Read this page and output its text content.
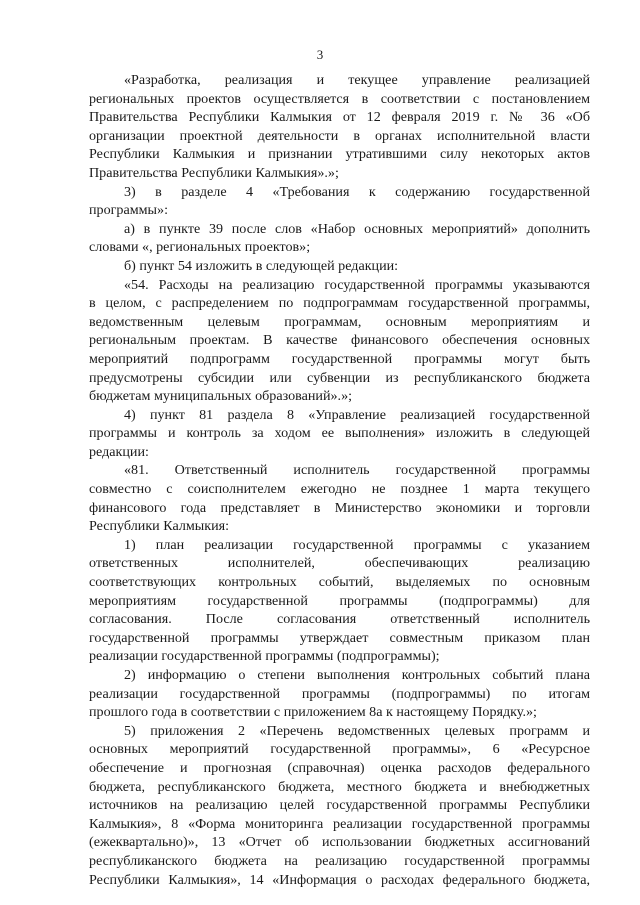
3
«Разработка, реализация и текущее управление реализацией
региональных проектов осуществляется в соответствии с постановлением
Правительства Республики Калмыкия от 12 февраля 2019 г. № 36 «Об
организации проектной деятельности в органах исполнительной власти
Республики Калмыкия и признании утратившими силу некоторых актов
Правительства Республики Калмыкия».»;
3) в разделе 4 «Требования к содержанию государственной
программы»:
а) в пункте 39 после слов «Набор основных мероприятий» дополнить
словами «, региональных проектов»;
б) пункт 54 изложить в следующей редакции:
«54. Расходы на реализацию государственной программы указываются
в целом, с распределением по подпрограммам государственной программы,
ведомственным целевым программам, основным мероприятиям и
региональным проектам. В качестве финансового обеспечения основных
мероприятий подпрограмм государственной программы могут быть
предусмотрены субсидии или субвенции из республиканского бюджета
бюджетам муниципальных образований».»;
4) пункт 81 раздела 8 «Управление реализацией государственной
программы и контроль за ходом ее выполнения» изложить в следующей
редакции:
«81. Ответственный исполнитель государственной программы
совместно с соисполнителем ежегодно не позднее 1 марта текущего
финансового года представляет в Министерство экономики и торговли
Республики Калмыкия:
1) план реализации государственной программы с указанием
ответственных исполнителей, обеспечивающих реализацию
соответствующих контрольных событий, выделяемых по основным
мероприятиям государственной программы (подпрограммы) для
согласования. После согласования ответственный исполнитель
государственной программы утверждает совместным приказом план
реализации государственной программы (подпрограммы);
2) информацию о степени выполнения контрольных событий плана
реализации государственной программы (подпрограммы) по итогам
прошлого года в соответствии с приложением 8а к настоящему Порядку.»;
5) приложения 2 «Перечень ведомственных целевых программ и
основных мероприятий государственной программы», 6 «Ресурсное
обеспечение и прогнозная (справочная) оценка расходов федерального
бюджета, республиканского бюджета, местного бюджета и внебюджетных
источников на реализацию целей государственной программы Республики
Калмыкия», 8 «Форма мониторинга реализации государственной программы
(ежеквартально)», 13 «Отчет об использовании бюджетных ассигнований
республиканского бюджета на реализацию государственной программы
Республики Калмыкия», 14 «Информация о расходах федерального бюджета,
